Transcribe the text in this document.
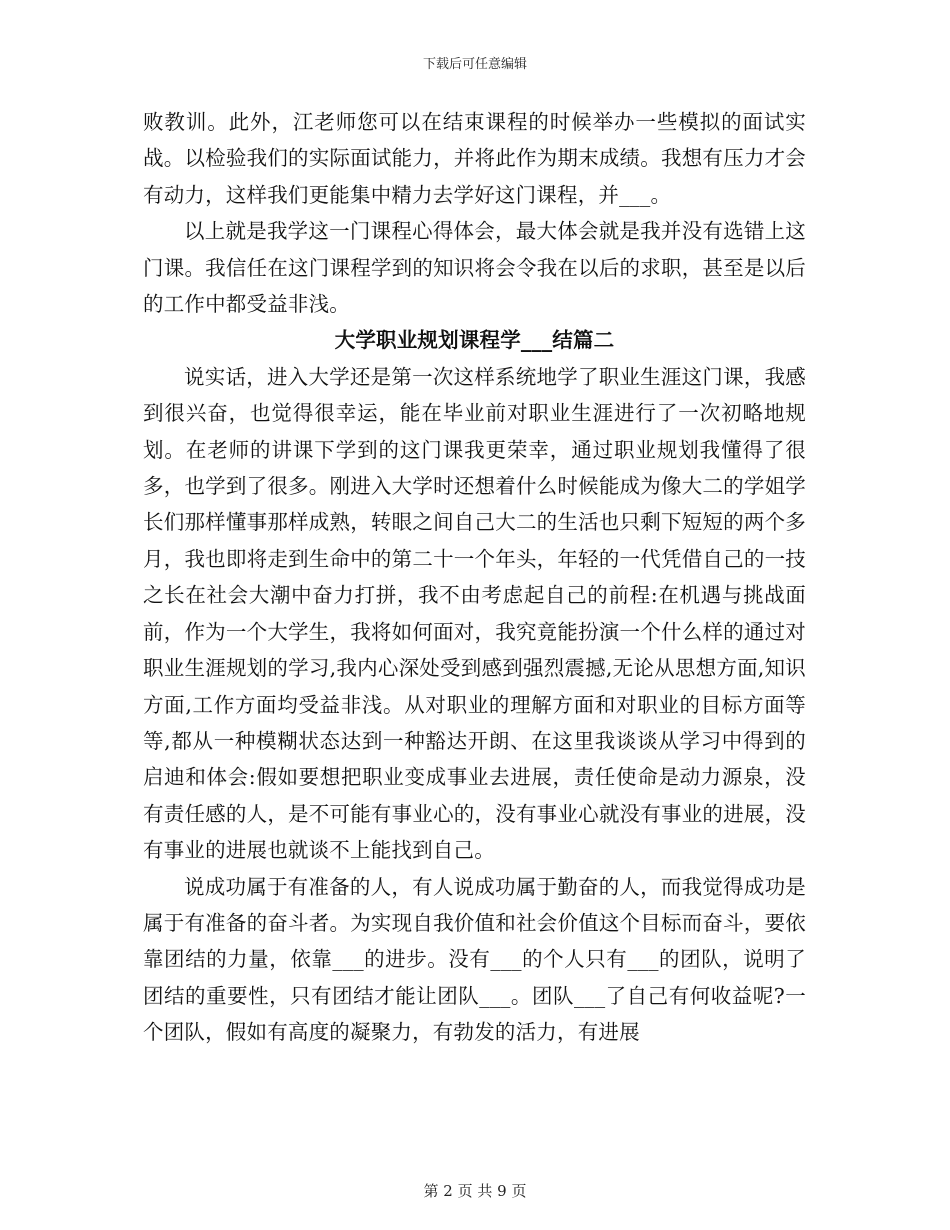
下载后可任意编辑

败教训。此外，江老师您可以在结束课程的时候举办一些模拟的面试实战。以检验我们的实际面试能力，并将此作为期末成绩。我想有压力才会有动力，这样我们更能集中精力去学好这门课程，并___。

以上就是我学这一门课程心得体会，最大体会就是我并没有选错上这门课。我信任在这门课程学到的知识将会令我在以后的求职，甚至是以后的工作中都受益非浅。

大学职业规划课程学___结篇二

说实话，进入大学还是第一次这样系统地学了职业生涯这门课，我感到很兴奋，也觉得很幸运，能在毕业前对职业生涯进行了一次初略地规划。在老师的讲课下学到的这门课我更荣幸，通过职业规划我懂得了很多，也学到了很多。刚进入大学时还想着什么时候能成为像大二的学姐学长们那样懂事那样成熟，转眼之间自己大二的生活也只剩下短短的两个多月，我也即将走到生命中的第二十一个年头，年轻的一代凭借自己的一技之长在社会大潮中奋力打拼，我不由考虑起自己的前程:在机遇与挑战面前，作为一个大学生，我将如何面对，我究竟能扮演一个什么样的通过对职业生涯规划的学习,我内心深处受到感到强烈震撼,无论从思想方面,知识方面,工作方面均受益非浅。从对职业的理解方面和对职业的目标方面等等,都从一种模糊状态达到一种豁达开朗、在这里我谈谈从学习中得到的启迪和体会:假如要想把职业变成事业去进展，责任使命是动力源泉，没有责任感的人，是不可能有事业心的，没有事业心就没有事业的进展，没有事业的进展也就谈不上能找到自己。

说成功属于有准备的人，有人说成功属于勤奋的人，而我觉得成功是属于有准备的奋斗者。为实现自我价值和社会价值这个目标而奋斗，要依靠团结的力量，依靠___的进步。没有___的个人只有___的团队，说明了团结的重要性，只有团结才能让团队___。团队___了自己有何收益呢?一个团队，假如有高度的凝聚力，有勃发的活力，有进展

第 2 页 共 9 页
